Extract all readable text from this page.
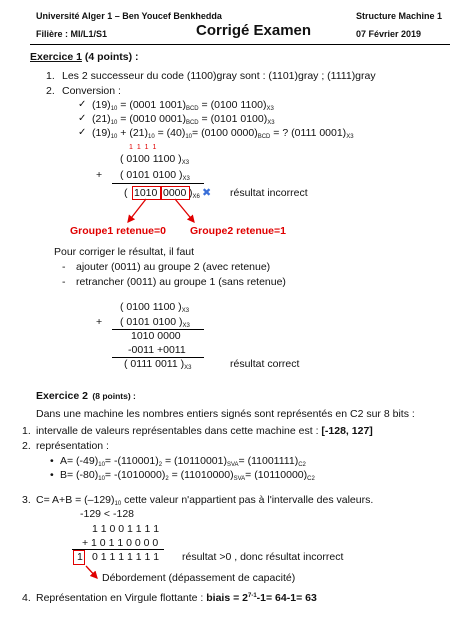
Université Alger 1 – Ben Youcef Benkhedda	Structure Machine 1
Filière : MI/L1/S1	Corrigé Examen	07 Février 2019
Exercice 1 (4 points) :
1. Les 2 successeur du code (1100)gray sont : (1101)gray ; (1111)gray
2. Conversion :
✓ $(19)_{10} = (0001$ $1001)_{BCD} = (0100$ $1100)_{X3}$
✓ $(21)_{10} = (0010$ $0001)_{BCD} = (0101$ $0100)_{X3}$
✓ $(19)_{10} + (21)_{10} = (40)_{10}= (0100$ $0000)_{BCD}$ = ? (0111 $0001)_{X3}$
1 1 1 1
( 0100 1100 )$_{X3}$
+ ( 0101 0100 )$_{X3}$
( 1010 0000 )$_{X6}$ ✖ résultat incorrect
Groupe1 retenue=0 Groupe2 retenue=1
Pour corriger le résultat, il faut
- ajouter (0011) au groupe 2 (avec retenue)
- retrancher (0011) au groupe 1 (sans retenue)
( 0100 1100 )$_{X3}$
+ ( 0101 0100 )$_{X3}$
1010 0000
-0011 +0011
( 0111 0011 )$_{X3}$	résultat correct
Exercice 2 (8 points) :
Dans une machine les nombres entiers signés sont représentés en C2 sur 8 bits :
1. intervalle de valeurs représentables dans cette machine est : [-128, 127]
2. représentation :
• $A= (-49)_{10}= -(110001)_2 = (10110001)_{SVA}= (11001111)_{C2}$
• $B= (-80)_{10}= -(1010000)_2 = (11010000)_{SVA}= (10110000)_{C2}$
3. $C= A+B = (-129)_{10}$ cette valeur n'appartient pas à l'intervalle des valeurs.
-129 < -128
1 1 0 0 1 1 1 1
+ 1 0 1 1 0 0 0 0
1 0 1 1 1 1 1 1 1 résultat >0 , donc résultat incorrect
Débordement (dépassement de capacité)
4. Représentation en Virgule flottante : biais = $2^{7-1}-1= 64-1= 63$
